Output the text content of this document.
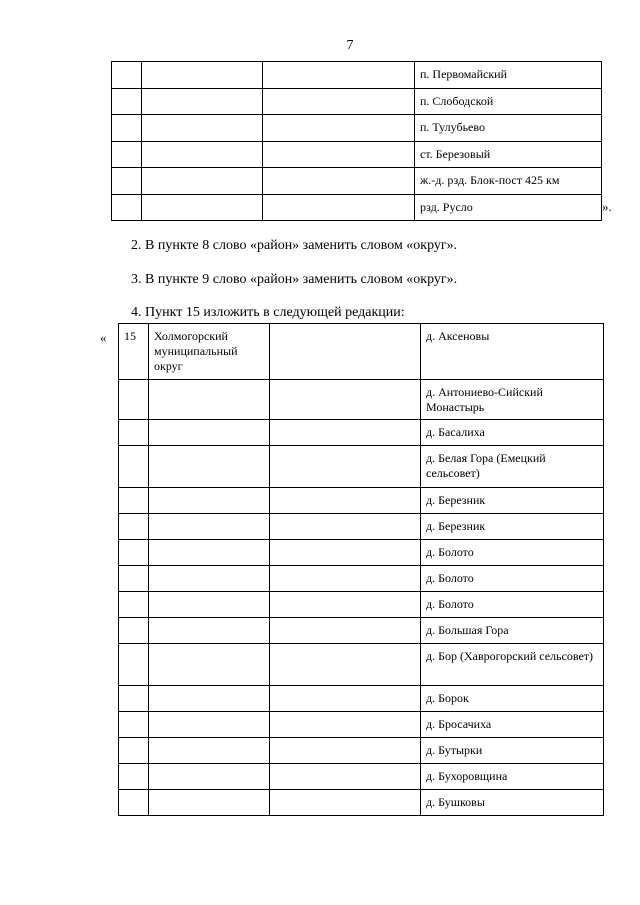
7
			п. Первомайский
			п. Слободской
			п. Тулубьево
			ст. Березовый
			ж.-д. рзд. Блок-пост 425 км
			рзд. Русло	».
2. В пункте 8 слово «район» заменить словом «округ».
3. В пункте 9 слово «район» заменить словом «округ».
4. Пункт 15 изложить в следующей редакции:
« 15	Холмогорский муниципальный округ		д. Аксеновы
			д. Антониево-Сийский Монастырь
			д. Басалиха
			д. Белая Гора (Емецкий сельсовет)
			д. Березник
			д. Березник
			д. Болото
			д. Болото
			д. Болото
			д. Большая Гора
			д. Бор (Хаврогорский сельсовет)
			д. Борок
			д. Бросачиха
			д. Бутырки
			д. Бухоровщина
			д. Бушковы
